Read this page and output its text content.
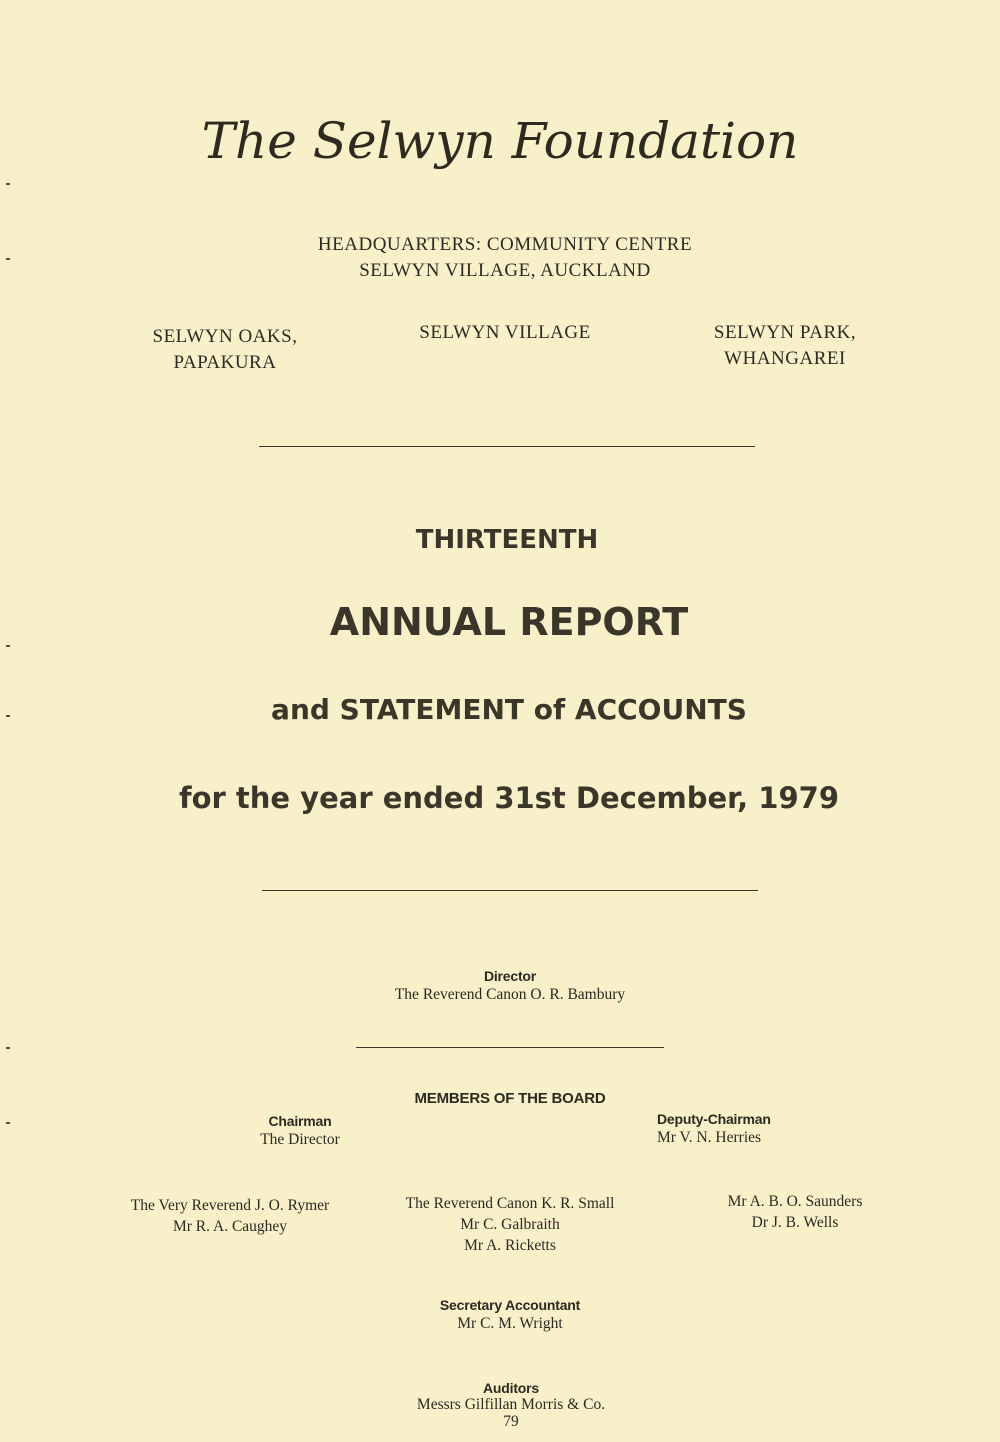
The Selwyn Foundation
HEADQUARTERS: COMMUNITY CENTRE
SELWYN VILLAGE, AUCKLAND
SELWYN OAKS,
PAPAKURA
SELWYN VILLAGE	SELWYN PARK,
WHANGAREI
THIRTEENTH
ANNUAL REPORT
and STATEMENT of ACCOUNTS
for the year ended 31st December, 1979
Director
The Reverend Canon O. R. Bambury
MEMBERS OF THE BOARD
Chairman
The Director
Deputy-Chairman
Mr V. N. Herries
The Very Reverend J. O. Rymer
Mr R. A. Caughey
The Reverend Canon K. R. Small
Mr C. Galbraith
Mr A. Ricketts
Mr A. B. O. Saunders
Dr J. B. Wells
Secretary Accountant
Mr C. M. Wright
Auditors
Messrs Gilfillan Morris & Co.
79
